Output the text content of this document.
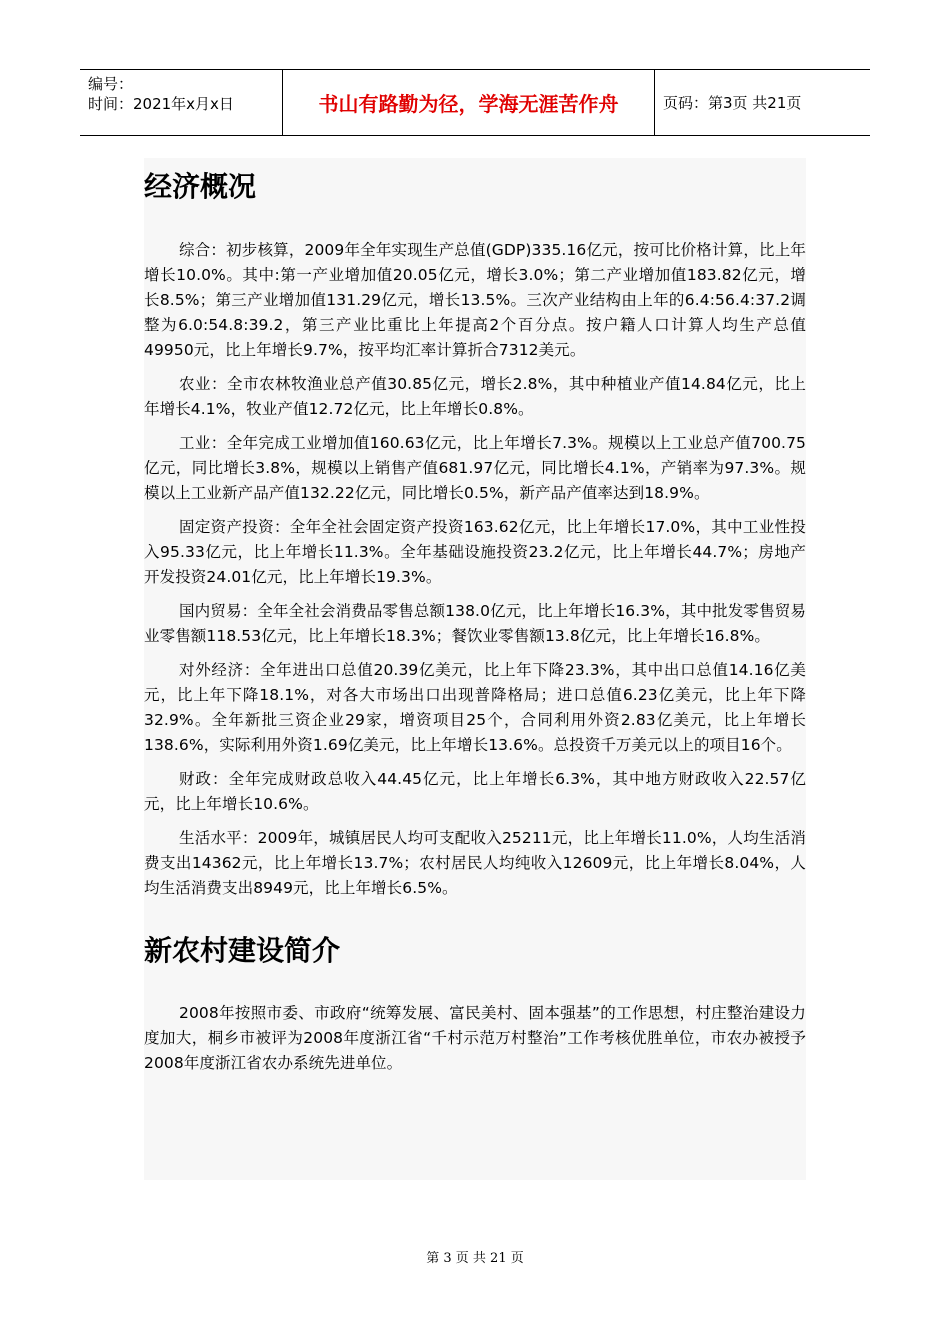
编号：
时间：2021年x月x日	书山有路勤为径，学海无涯苦作舟	页码：第3页 共21页
经济概况

综合：初步核算，2009年全年实现生产总值(GDP)335.16亿元，按可比价格计算，比上年增长10.0%。其中:第一产业增加值20.05亿元，增长3.0%；第二产业增加值183.82亿元，增长8.5%；第三产业增加值131.29亿元，增长13.5%。三次产业结构由上年的6.4:56.4:37.2调整为6.0:54.8:39.2，第三产业比重比上年提高2个百分点。按户籍人口计算人均生产总值49950元，比上年增长9.7%，按平均汇率计算折合7312美元。

农业：全市农林牧渔业总产值30.85亿元，增长2.8%，其中种植业产值14.84亿元，比上年增长4.1%，牧业产值12.72亿元，比上年增长0.8%。

工业：全年完成工业增加值160.63亿元，比上年增长7.3%。规模以上工业总产值700.75亿元，同比增长3.8%，规模以上销售产值681.97亿元，同比增长4.1%，产销率为97.3%。规模以上工业新产品产值132.22亿元，同比增长0.5%，新产品产值率达到18.9%。

固定资产投资：全年全社会固定资产投资163.62亿元，比上年增长17.0%，其中工业性投入95.33亿元，比上年增长11.3%。全年基础设施投资23.2亿元，比上年增长44.7%；房地产开发投资24.01亿元，比上年增长19.3%。

国内贸易：全年全社会消费品零售总额138.0亿元，比上年增长16.3%，其中批发零售贸易业零售额118.53亿元，比上年增长18.3%；餐饮业零售额13.8亿元，比上年增长16.8%。

对外经济：全年进出口总值20.39亿美元，比上年下降23.3%，其中出口总值14.16亿美元，比上年下降18.1%，对各大市场出口出现普降格局；进口总值6.23亿美元，比上年下降32.9%。全年新批三资企业29家，增资项目25个，合同利用外资2.83亿美元，比上年增长138.6%，实际利用外资1.69亿美元，比上年增长13.6%。总投资千万美元以上的项目16个。

财政：全年完成财政总收入44.45亿元，比上年增长6.3%，其中地方财政收入22.57亿元，比上年增长10.6%。

生活水平：2009年，城镇居民人均可支配收入25211元，比上年增长11.0%，人均生活消费支出14362元，比上年增长13.7%；农村居民人均纯收入12609元，比上年增长8.04%，人均生活消费支出8949元，比上年增长6.5%。

新农村建设简介

2008年按照市委、市政府“统筹发展、富民美村、固本强基”的工作思想，村庄整治建设力度加大，桐乡市被评为2008年度浙江省“千村示范万村整治”工作考核优胜单位，市农办被授予2008年度浙江省农办系统先进单位。

第 3 页 共 21 页
